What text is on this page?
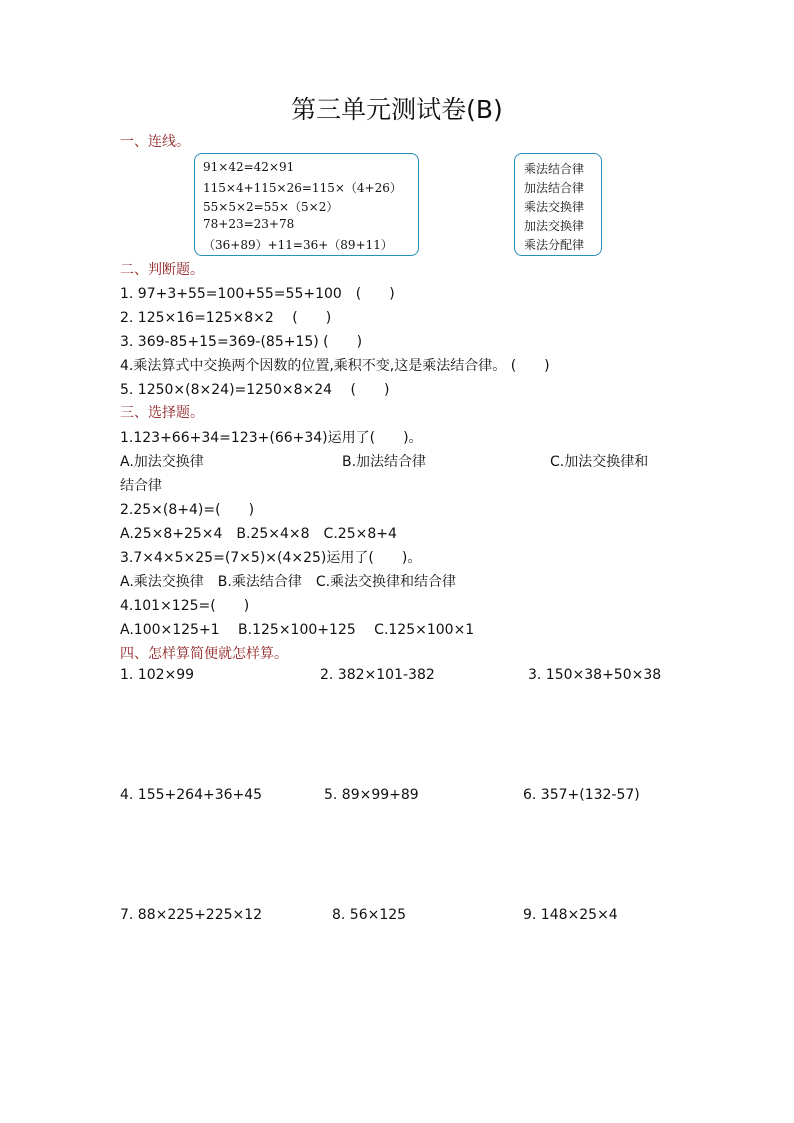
第三单元测试卷(B)
一、连线。
91×42=42×91
115×4+115×26=115×（4+26）
55×5×2=55×（5×2）
78+23=23+78
（36+89）+11=36+（89+11）
乘法结合律
加法结合律
乘法交换律
加法交换律
乘法分配律
二、判断题。
1. 97+3+55=100+55=55+100　(　　)
2. 125×16=125×8×2　 (　　)
3. 369-85+15=369-(85+15) (　　)
4.乘法算式中交换两个因数的位置,乘积不变,这是乘法结合律。 (　　)
5. 1250×(8×24)=1250×8×24　 (　　)
三、选择题。
1.123+66+34=123+(66+34)运用了(　　)。
A.加法交换律	B.加法结合律	C.加法交换律和
结合律
2.25×(8+4)=(　　)
A.25×8+25×4　B.25×4×8　C.25×8+4
3.7×4×5×25=(7×5)×(4×25)运用了(　　)。
A.乘法交换律　B.乘法结合律　C.乘法交换律和结合律
4.101×125=(　　)
A.100×125+1　 B.125×100+125　 C.125×100×1
四、怎样算简便就怎样算。
1. 102×99	2. 382×101-382	3. 150×38+50×38
4. 155+264+36+45	5. 89×99+89	6. 357+(132-57)
7. 88×225+225×12	8. 56×125	9. 148×25×4
